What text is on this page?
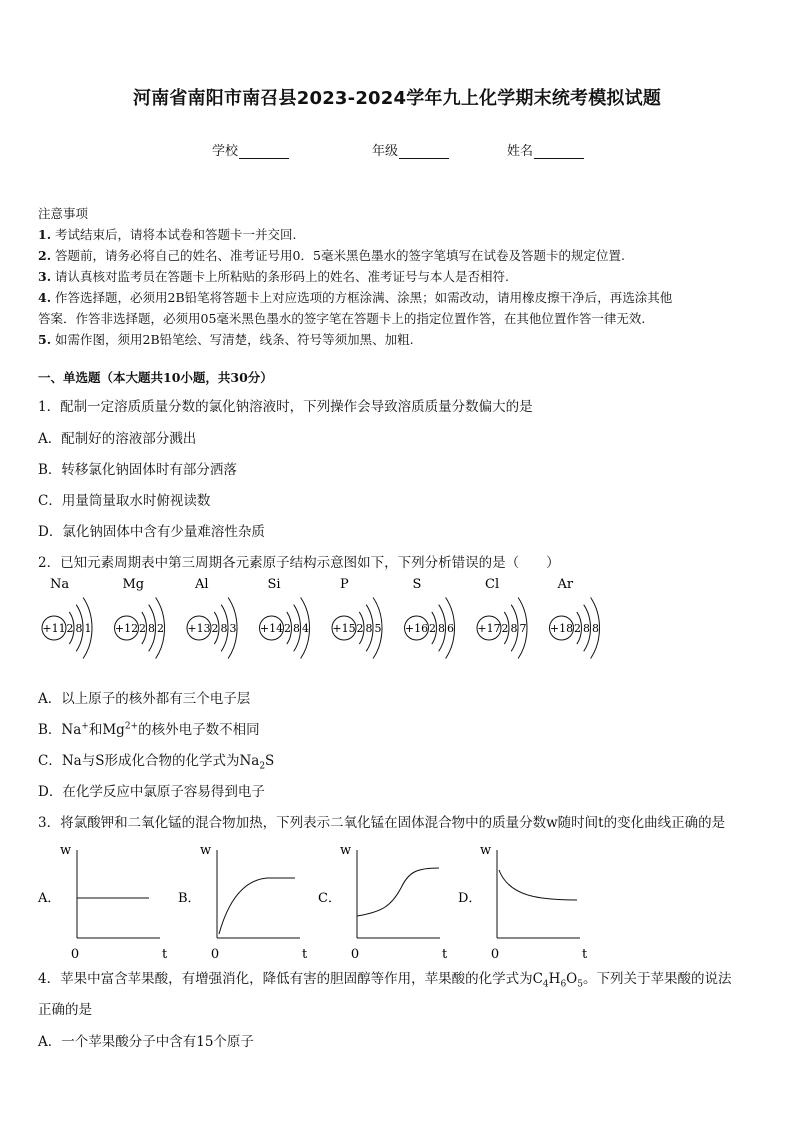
河南省南阳市南召县2023-2024学年九上化学期末统考模拟试题
学校	年级	姓名
注意事项
1. 考试结束后，请将本试卷和答题卡一并交回.
2. 答题前，请务必将自己的姓名、准考证号用0．5毫米黑色墨水的签字笔填写在试卷及答题卡的规定位置.
3. 请认真核对监考员在答题卡上所粘贴的条形码上的姓名、准考证号与本人是否相符.
4. 作答选择题，必须用2B铅笔将答题卡上对应选项的方框涂满、涂黑；如需改动，请用橡皮擦干净后，再选涂其他
答案．作答非选择题，必须用05毫米黑色墨水的签字笔在答题卡上的指定位置作答，在其他位置作答一律无效.
5. 如需作图，须用2B铅笔绘、写清楚，线条、符号等须加黑、加粗.
一、单选题（本大题共10小题，共30分）
1．配制一定溶质质量分数的氯化钠溶液时，下列操作会导致溶质质量分数偏大的是
A．配制好的溶液部分溅出
B．转移氯化钠固体时有部分洒落
C．用量筒量取水时俯视读数
D．氯化钠固体中含有少量难溶性杂质
2．已知元素周期表中第三周期各元素原子结构示意图如下，下列分析错误的是（　　）
Na
+11 2 8 1
Mg
+12 2 8 2
Al
+13 2 8 3
Si
+14 2 8 4
P
+15 2 8 5
S
+16 2 8 6
Cl
+17 2 8 7
Ar
+18 2 8 8
A．以上原子的核外都有三个电子层
B．Na+和$Mg^{2+}$的核外电子数不相同
C．Na与S形成化合物的化学式为$Na_2S$
D．在化学反应中氯原子容易得到电子
3．将氯酸钾和二氧化锰的混合物加热，下列表示二氧化锰在固体混合物中的质量分数w随时间t的变化曲线正确的是
A．
w
t
0
B．
w
t
0
C．
w
t
0
D．
w
t
0
4．苹果中富含苹果酸，有增强消化，降低有害的胆固醇等作用，苹果酸的化学式为$C_4H_6O_5$。下列关于苹果酸的说法
正确的是
A．一个苹果酸分子中含有15个原子
